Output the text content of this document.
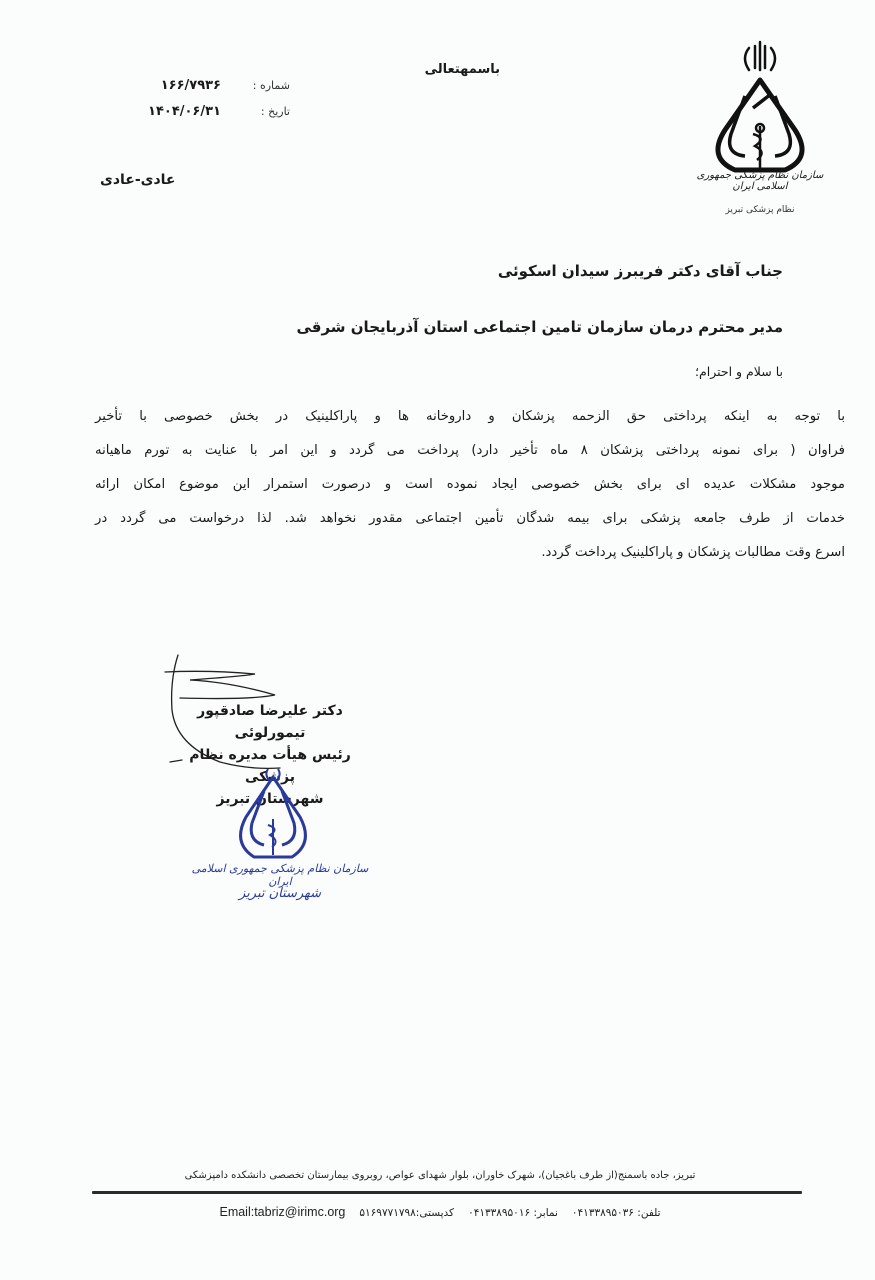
باسمهتعالی
شماره :
۱۶۶/۷۹۳۶
تاریخ :
۱۴۰۴/۰۶/۳۱
عادی-عادی	سازمان نظام پزشکی جمهوری اسلامی ایران
نظام پزشکی تبریز
جناب آقای دکتر فریبرز سیدان اسکوئی
مدیر محترم درمان سازمان تامین اجتماعی استان آذربایجان شرقی
با سلام و احترام؛
با توجه به اینکه پرداختی حق الزحمه پزشکان و داروخانه ها و پاراکلینیک در بخش خصوصی با تأخیر
فراوان ( برای نمونه پرداختی پزشکان ۸ ماه تأخیر دارد) پرداخت می گردد و این امر با عنایت به تورم ماهیانه
موجود مشکلات عدیده ای برای بخش خصوصی ایجاد نموده است و درصورت استمرار این موضوع امکان ارائه
خدمات از طرف جامعه پزشکی برای بیمه شدگان تأمین اجتماعی مقدور نخواهد شد. لذا درخواست می گردد در
اسرع وقت مطالبات پزشکان و پاراکلینیک پرداخت گردد.
دکتر علیرضا صادقپور تیمورلوئی
رئیس هیأت مدیره نظام پزشکی
شهرستان تبریز
سازمان نظام پزشکی جمهوری اسلامی ایران
شهرستان تبریز
تبریز، جاده باسمنج(از طرف باغجیان)، شهرک خاوران، بلوار شهدای عواص، روبروی بیمارستان تخصصی دانشکده دامپزشکی
تلفن: ۰۴۱۳۳۸۹۵۰۳۶
نمابر: ۰۴۱۳۳۸۹۵۰۱۶
کدپستی:۵۱۶۹۷۷۱۷۹۸
Email:tabriz@irimc.org
